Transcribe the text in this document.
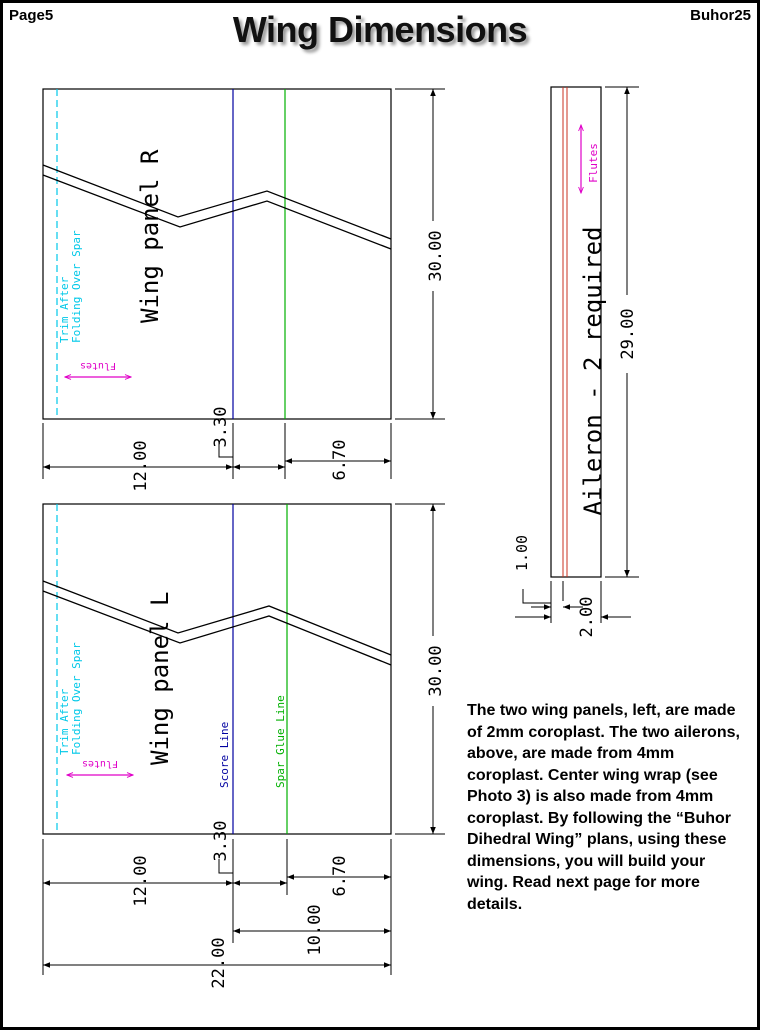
Page5	Wing Dimensions	Buhor25
Wing panel R
Trim After Folding Over Spar
Flutes
30.00
12.00
3.30
6.70
Wing panel L
Trim After Folding Over Spar
Flutes	Score Line	Spar Glue Line
30.00
12.00
3.30
6.70
10.00
22.00
Flutes
Aileron - 2 required 29.00
2.00
1.00

The two wing panels, left, are made of 2mm coroplast. The two ailerons, above, are made from 4mm coroplast. Center wing wrap (see Photo 3) is also made from 4mm coroplast. By following the “Buhor Dihedral Wing” plans, using these dimensions, you will build your wing. Read next page for more details.
